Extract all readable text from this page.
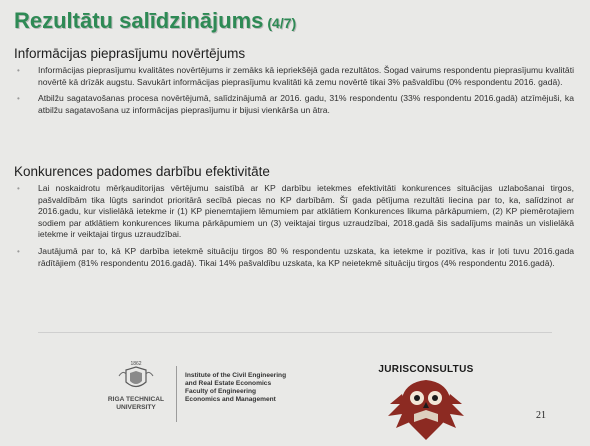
Rezultātu salīdzinājums (4/7)
Informācijas pieprasījumu novērtējums
• Informācijas pieprasījumu kvalitātes novērtējums ir zemāks kā iepriekšējā gada rezultātos. Šogad vairums respondentu pieprasījumu kvalitāti novērtē kā drīzāk augstu. Savukārt informācijas pieprasījumu kvalitāti kā zemu novērtē tikai 3% pašvaldību (0% respondentu 2016. gadā).
• Atbilžu sagatavošanas procesa novērtējumā, salīdzinājumā ar 2016. gadu, 31% respondentu (33% respondentu 2016.gadā) atzīmējuši, ka atbilžu sagatavošana uz informācijas pieprasījumu ir bijusi vienkārša un ātra.
Konkurences padomes darbību efektivitāte
• Lai noskaidrotu mērķauditorijas vērtējumu saistībā ar KP darbību ietekmes efektivitāti konkurences situācijas uzlabošanai tirgos, pašvaldībām tika lūgts sarindot prioritārā secībā piecas no KP darbībām. Šī gada pētījuma rezultāti liecina par to, ka, salīdzinot ar 2016.gadu, kur vislielākā ietekme ir (1) KP pienemtajiem lēmumiem par atklātiem Konkurences likuma pārkāpumiem, (2) KP piemērotajiem sodiem par atklātiem konkurences likuma pārkāpumiem un (3) veiktajai tirgus uzraudzībai, 2018.gadā šis sadalījums mainās un vislielākā ietekme ir veiktajai tirgus uzraudzībai.
• Jautājumā par to, kā KP darbība ietekmē situāciju tirgos 80 % respondentu uzskata, ka ietekme ir pozitīva, kas ir ļoti tuvu 2016.gada rādītājiem (81% respondentu 2016.gadā). Tikai 14% pašvaldību uzskata, ka KP neietekmē situāciju tirgos (4% respondentu 2016.gadā).
1862
RIGA TECHNICAL
UNIVERSITY
Institute of the Civil Engineering
and Real Estate Economics
Faculty of Engineering
Economics and Management
JURISCONSULTUS
21
